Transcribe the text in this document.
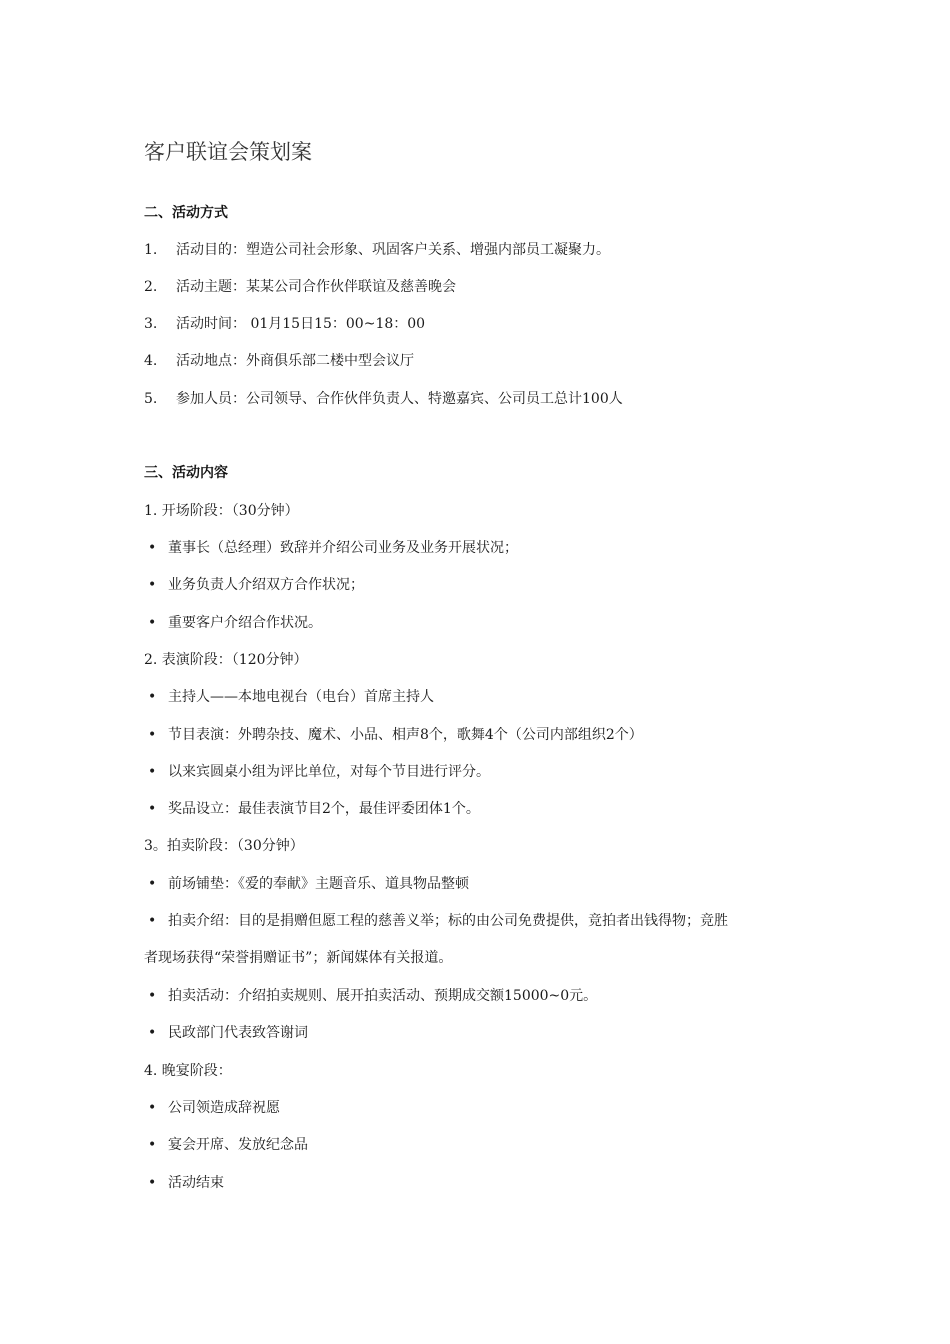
客户联谊会策划案
二、活动方式
1. 活动目的：塑造公司社会形象、巩固客户关系、增强内部员工凝聚力。
2. 活动主题：某某公司合作伙伴联谊及慈善晚会
3. 活动时间： 01月15日15：00~18：00
4. 活动地点：外商俱乐部二楼中型会议厅
5. 参加人员：公司领导、合作伙伴负责人、特邀嘉宾、公司员工总计100人
三、活动内容
1. 开场阶段：（30分钟）
• 董事长（总经理）致辞并介绍公司业务及业务开展状况；
• 业务负责人介绍双方合作状况；
• 重要客户介绍合作状况。
2. 表演阶段：（120分钟）
• 主持人——本地电视台（电台）首席主持人
• 节目表演：外聘杂技、魔术、小品、相声8个，歌舞4个（公司内部组织2个）
• 以来宾圆桌小组为评比单位，对每个节目进行评分。
• 奖品设立：最佳表演节目2个，最佳评委团体1个。
3。拍卖阶段：（30分钟）
• 前场铺垫：《爱的奉献》主题音乐、道具物品整顿
• 拍卖介绍：目的是捐赠但愿工程的慈善义举；标的由公司免费提供，竞拍者出钱得物；竞胜
者现场获得“荣誉捐赠证书”；新闻媒体有关报道。
• 拍卖活动：介绍拍卖规则、展开拍卖活动、预期成交额15000~0元。
• 民政部门代表致答谢词
4. 晚宴阶段：
• 公司领造成辞祝愿
• 宴会开席、发放纪念品
• 活动结束
